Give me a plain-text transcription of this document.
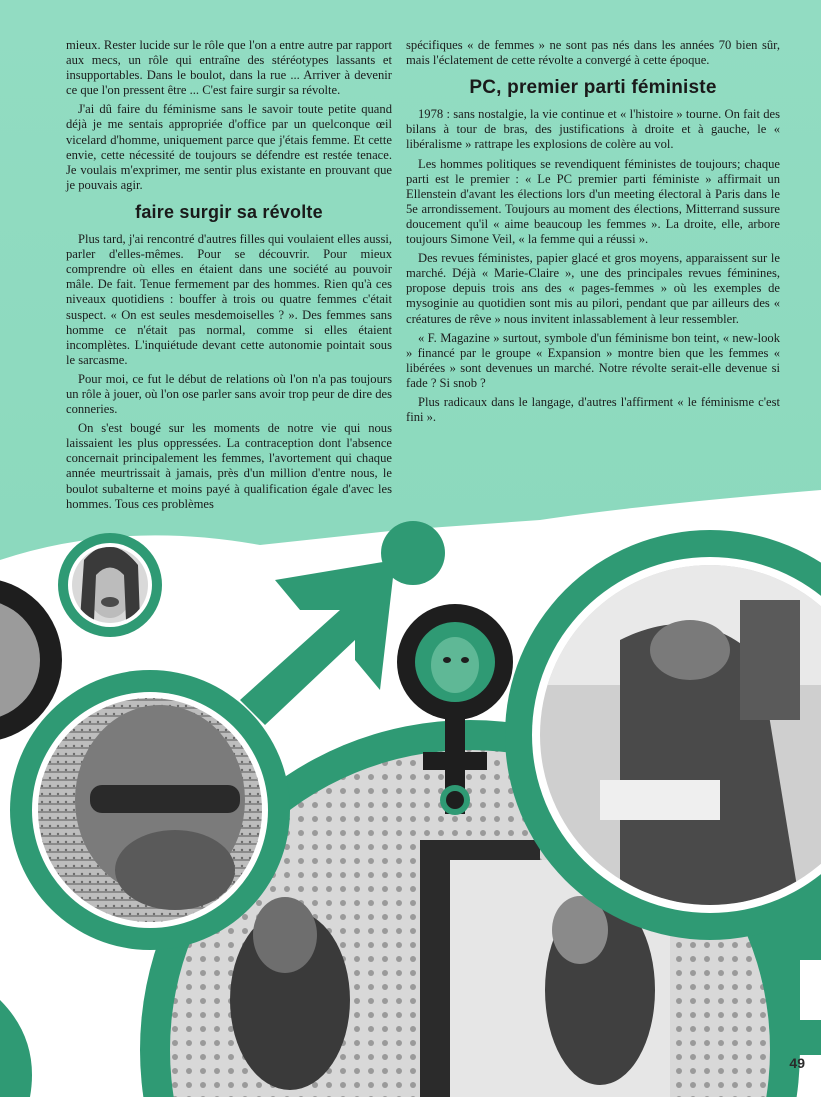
mieux. Rester lucide sur le rôle que l'on a entre autre par rapport aux mecs, un rôle qui entraîne des stéréotypes lassants et insupportables. Dans le boulot, dans la rue ... Arriver à devenir ce que l'on pressent être ... C'est faire surgir sa révolte.

J'ai dû faire du féminisme sans le savoir toute petite quand déjà je me sentais appropriée d'office par un quelconque œil vicelard d'homme, uniquement parce que j'étais femme. Et cette envie, cette nécessité de toujours se défendre est restée tenace. Je voulais m'exprimer, me sentir plus existante en prouvant que je pouvais agir.

faire surgir sa révolte

Plus tard, j'ai rencontré d'autres filles qui voulaient elles aussi, parler d'elles-mêmes. Pour se découvrir. Pour mieux comprendre où elles en étaient dans une société au pouvoir mâle. De fait. Tenue fermement par des hommes. Rien qu'à ces niveaux quotidiens : bouffer à trois ou quatre femmes c'était suspect. « On est seules mesdemoiselles ? ». Des femmes sans homme ce n'était pas normal, comme si elles étaient incomplètes. L'inquiétude devant cette autonomie pointait sous le sarcasme.

Pour moi, ce fut le début de relations où l'on n'a pas toujours un rôle à jouer, où l'on ose parler sans avoir trop peur de dire des conneries.

On s'est bougé sur les moments de notre vie qui nous laissaient les plus oppressées. La contraception dont l'absence concernait principalement les femmes, l'avortement qui chaque année meurtrissait à jamais, près d'un million d'entre nous, le boulot subalterne et moins payé à qualification égale d'avec les hommes. Tous ces problèmes

spécifiques « de femmes » ne sont pas nés dans les années 70 bien sûr, mais l'éclatement de cette révolte a convergé à cette époque.

PC, premier parti féministe

1978 : sans nostalgie, la vie continue et « l'histoire » tourne. On fait des bilans à tour de bras, des justifications à droite et à gauche, le « libéralisme » rattrape les explosions de colère au vol.

Les hommes politiques se revendiquent féministes de toujours; chaque parti est le premier : « Le PC premier parti féministe » affirmait un Ellenstein d'avant les élections lors d'un meeting électoral à Paris dans le 5e arrondissement. Toujours au moment des élections, Mitterrand sussure doucement qu'il « aime beaucoup les femmes ». La droite, elle, arbore toujours Simone Veil, « la femme qui a réussi ».

Des revues féministes, papier glacé et gros moyens, apparaissent sur le marché. Déjà « Marie-Claire », une des principales revues féminines, propose depuis trois ans des « pages-femmes » où les exemples de mysoginie au quotidien sont mis au pilori, pendant que par ailleurs des « créatures de rêve » nous invitent inlassablement à leur ressembler.

« F. Magazine » surtout, symbole d'un féminisme bon teint, « new-look » financé par le groupe « Expansion » montre bien que les femmes « libérées » sont devenues un marché. Notre révolte serait-elle devenue si fade ? Si snob ?

Plus radicaux dans le langage, d'autres l'affirment « le féminisme c'est fini ».

49
